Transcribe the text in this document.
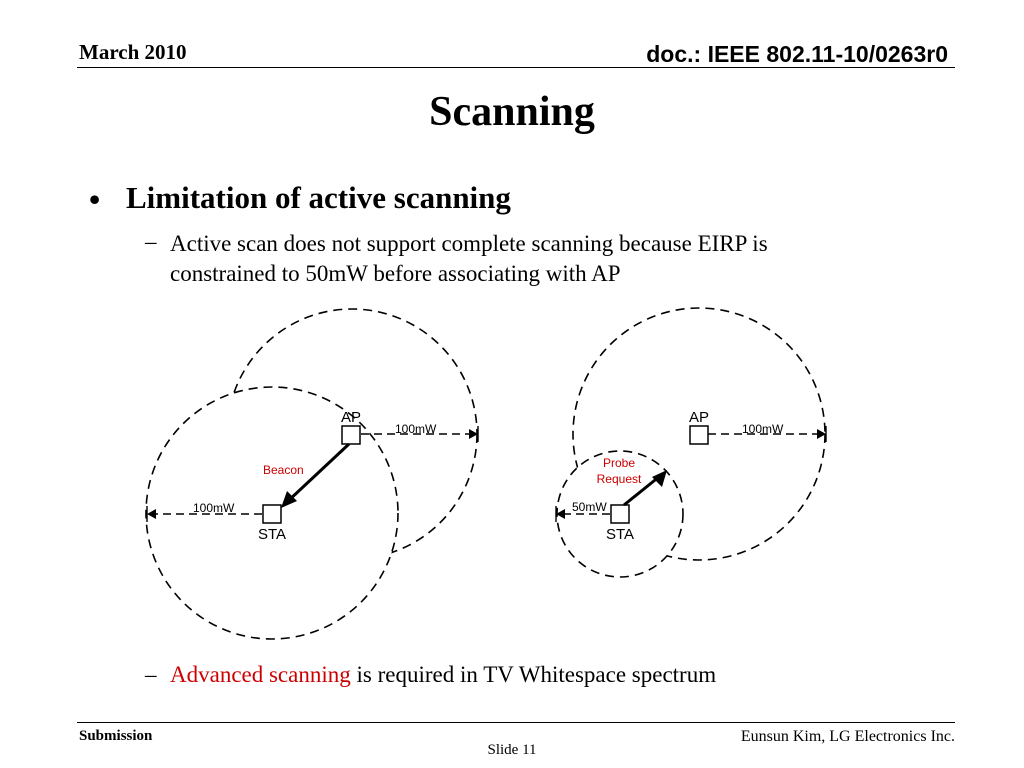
March 2010	doc.: IEEE 802.11-10/0263r0
Scanning
• Limitation of active scanning
– Active scan does not support complete scanning because EIRP is constrained to 50mW before associating with AP
AP
STA
100mW
100mW
Beacon
AP
STA
100mW
50mW
Probe
Request
– Advanced scanning is required in TV Whitespace spectrum
Submission	Eunsun Kim, LG Electronics Inc.
Slide 11
